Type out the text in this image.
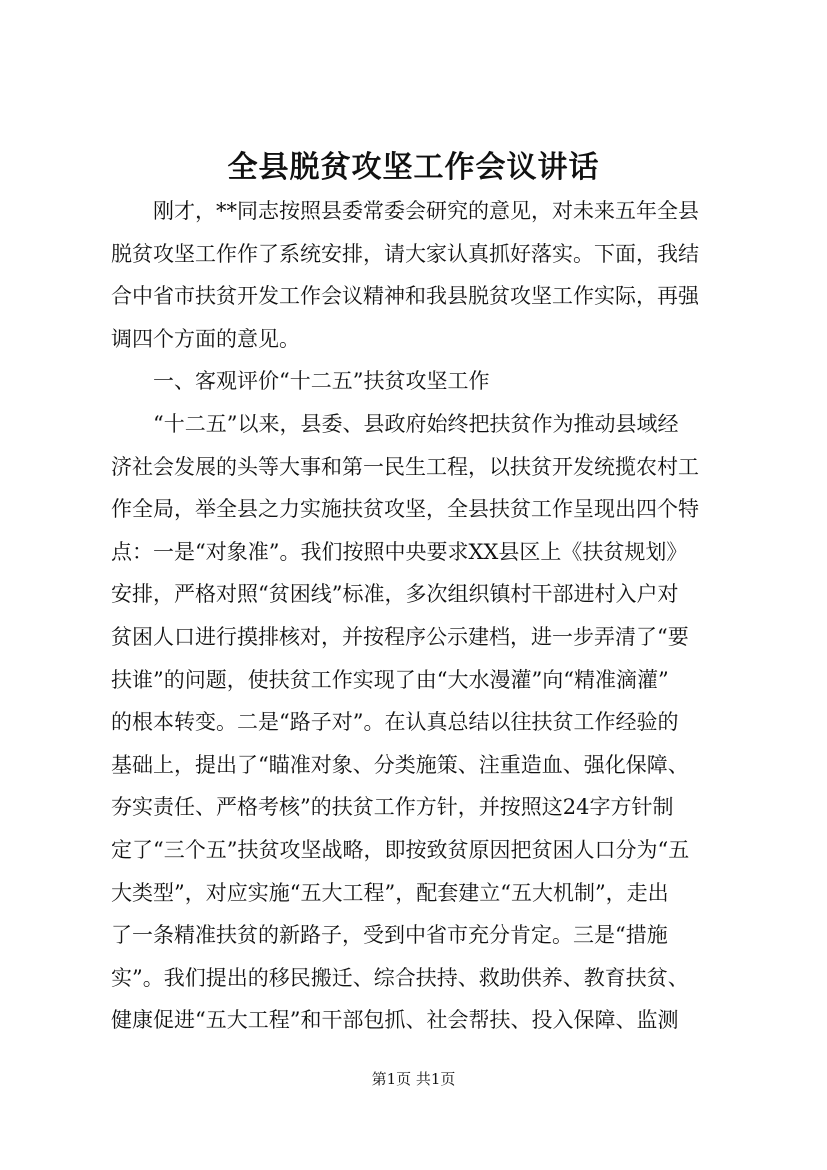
全县脱贫攻坚工作会议讲话
　　刚才，**同志按照县委常委会研究的意见，对未来五年全县
脱贫攻坚工作作了系统安排，请大家认真抓好落实。下面，我结
合中省市扶贫开发工作会议精神和我县脱贫攻坚工作实际，再强
调四个方面的意见。
　　一、客观评价“十二五”扶贫攻坚工作
　　“十二五”以来，县委、县政府始终把扶贫作为推动县域经
济社会发展的头等大事和第一民生工程，以扶贫开发统揽农村工
作全局，举全县之力实施扶贫攻坚，全县扶贫工作呈现出四个特
点：一是“对象准”。我们按照中央要求XX县区上《扶贫规划》
安排，严格对照“贫困线”标准，多次组织镇村干部进村入户对
贫困人口进行摸排核对，并按程序公示建档，进一步弄清了“要
扶谁”的问题，使扶贫工作实现了由“大水漫灌”向“精准滴灌”
的根本转变。二是“路子对”。在认真总结以往扶贫工作经验的
基础上，提出了“瞄准对象、分类施策、注重造血、强化保障、
夯实责任、严格考核”的扶贫工作方针，并按照这24字方针制
定了“三个五”扶贫攻坚战略，即按致贫原因把贫困人口分为“五
大类型”，对应实施“五大工程”，配套建立“五大机制”，走出
了一条精准扶贫的新路子，受到中省市充分肯定。三是“措施
实”。我们提出的移民搬迁、综合扶持、救助供养、教育扶贫、
健康促进“五大工程”和干部包抓、社会帮扶、投入保障、监测
第1页 共1页
